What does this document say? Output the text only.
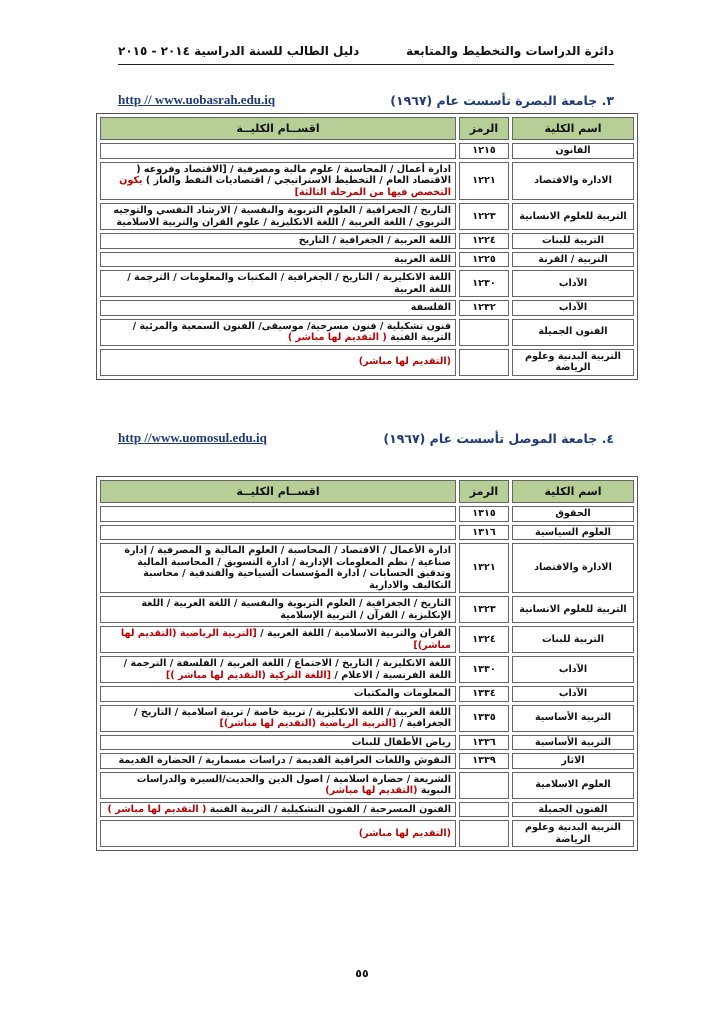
دائرة الدراسات والتخطيط والمتابعة
دليل الطالب للسنة الدراسية ٢٠١٤ - ٢٠١٥
٣. جامعة البصرة تأسست عام (١٩٦٧)
http // www.uobasrah.edu.iq
اسم الكلية	الرمز	اقســام الكليــة
القانون	١٢١٥	
الادارة والاقتصاد	١٢٢١	ادارة أعمال / المحاسبة / علوم مالية ومصرفية / [الاقتصاد وفروعه ( الاقتصاد العام / التخطيط الاستراتيجي / اقتصاديات النفط والغاز ) يكون التخصص فيها من المرحلة الثالثة]
التربية للعلوم الانسانية	١٢٢٣	التاريخ / الجغرافية / العلوم التربوية والنفسية / الارشاد النفسي والتوجيه التربوي / اللغة العربية / اللغة الانكليزية / علوم القران والتربية الاسلامية
التربية للبنات	١٢٢٤	اللغة العربية / الجغرافية / التاريخ
التربية / القرنة	١٢٢٥	اللغة العربية
الآداب	١٢٣٠	اللغة الانكليزية / التاريخ / الجغرافية / المكتبات والمعلومات / الترجمة / اللغة العربية
الآداب	١٢٣٢	الفلسفة
الفنون الجميلة		فنون تشكيلية / فنون مسرحية/ موسيقى/ الفنون السمعية والمرئية / التربية الفنية ( التقديم لها مباشر )
التربية البدنية وعلوم الرياضة		(التقديم لها مباشر)
٤. جامعة الموصل تأسست عام (١٩٦٧)
http //www.uomosul.edu.iq
اسم الكلية	الرمز	اقســام الكليــة
الحقوق	١٣١٥	
العلوم السياسية	١٣١٦	
الادارة والاقتصاد	١٣٢١	ادارة الأعمال / الاقتصاد / المحاسبة / العلوم المالية و المصرفية / إدارة صناعية / نظم المعلومات الإدارية / ادارة التسويق / المحاسبة المالية وتدقيق الحسابات / ادارة المؤسسات السياحية والفندقية / محاسبة التكاليف والادارية
التربية للعلوم الانسانية	١٣٢٣	التاريخ / الجغرافية / العلوم التربوية والنفسية / اللغة العربية / اللغة الإنكليزية / القرآن / التربية الإسلامية
التربية للبنات	١٣٢٤	القران والتربية الاسلامية / اللغة العربية / [التربية الرياضية (التقديم لها مباشر)]
الآداب	١٣٣٠	اللغة الانكليزية / التاريخ / الاجتماع / اللغة العربية / الفلسفة / الترجمة / اللغة الفرنسية / الاعلام / [اللغة التركية (التقديم لها مباشر )]
الآداب	١٣٣٤	المعلومات والمكتبات
التربية الأساسية	١٣٣٥	اللغة العربية / اللغة الانكليزية / تربية خاصة / تربية اسلامية / التاريخ / الجغرافية / [التربية الرياضية (التقديم لها مباشر)]
التربية الأساسية	١٣٣٦	رياض الأطفال للبنات
الاثار	١٣٣٩	النقوش واللغات العراقية القديمة / دراسات مسمارية / الحضارة القديمة
العلوم الاسلامية		الشريعة / حضارة اسلامية / اصول الدين والحديث/السيرة والدراسات النبوية (التقديم لها مباشر)
الفنون الجميلة		الفنون المسرحية / الفنون التشكيلية / التربية الفنية ( التقديم لها مباشر )
التربية البدنية وعلوم الرياضة		(التقديم لها مباشر)
٥٥
